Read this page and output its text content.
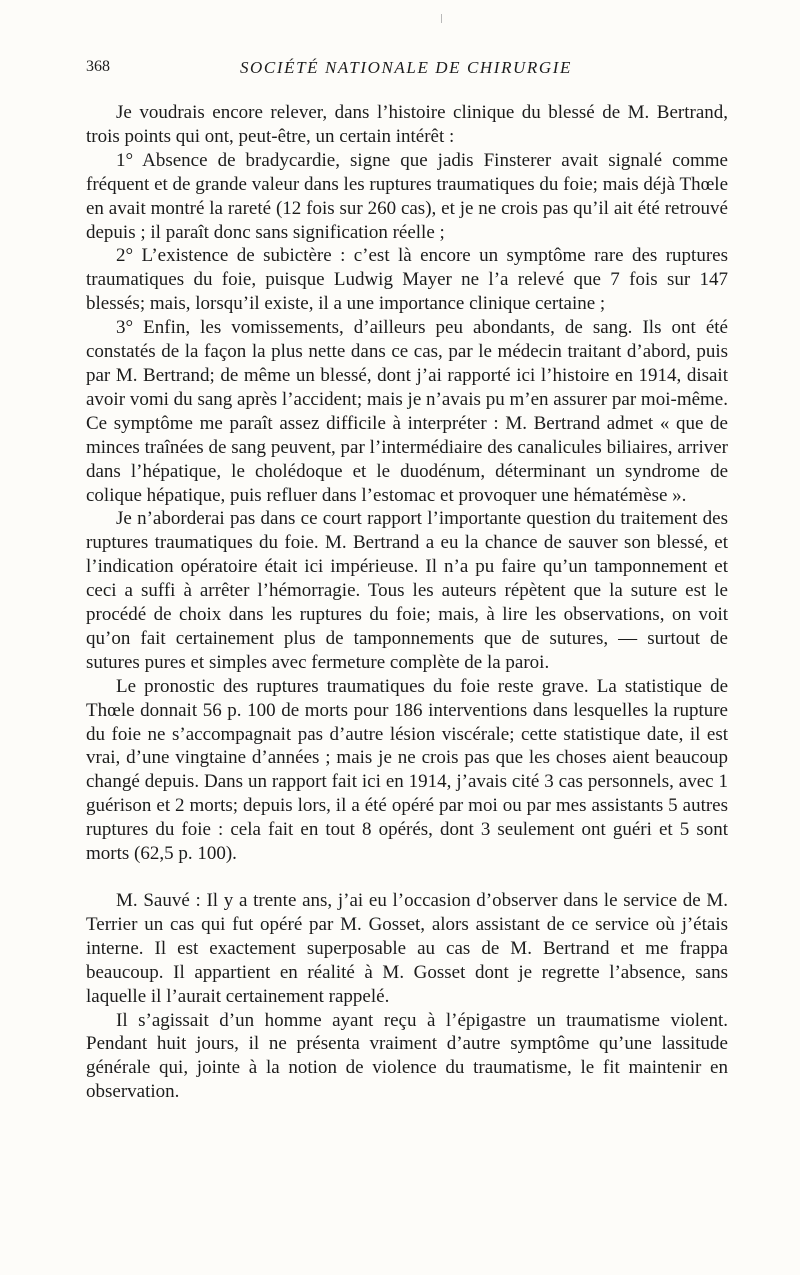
368	SOCIÉTÉ NATIONALE DE CHIRURGIE

Je voudrais encore relever, dans l’histoire clinique du blessé de M. Bertrand, trois points qui ont, peut-être, un certain intérêt :

1° Absence de bradycardie, signe que jadis Finsterer avait signalé comme fréquent et de grande valeur dans les ruptures traumatiques du foie; mais déjà Thœle en avait montré la rareté (12 fois sur 260 cas), et je ne crois pas qu’il ait été retrouvé depuis ; il paraît donc sans signification réelle ;

2° L’existence de subictère : c’est là encore un symptôme rare des ruptures traumatiques du foie, puisque Ludwig Mayer ne l’a relevé que 7 fois sur 147 blessés; mais, lorsqu’il existe, il a une importance clinique certaine ;

3° Enfin, les vomissements, d’ailleurs peu abondants, de sang. Ils ont été constatés de la façon la plus nette dans ce cas, par le médecin traitant d’abord, puis par M. Bertrand; de même un blessé, dont j’ai rapporté ici l’histoire en 1914, disait avoir vomi du sang après l’accident; mais je n’avais pu m’en assurer par moi-même. Ce symptôme me paraît assez difficile à interpréter : M. Bertrand admet « que de minces traînées de sang peuvent, par l’intermédiaire des canalicules biliaires, arriver dans l’hépatique, le cholédoque et le duodénum, déterminant un syndrome de colique hépatique, puis refluer dans l’estomac et provoquer une hématémèse ».

Je n’aborderai pas dans ce court rapport l’importante question du traitement des ruptures traumatiques du foie. M. Bertrand a eu la chance de sauver son blessé, et l’indication opératoire était ici impérieuse. Il n’a pu faire qu’un tamponnement et ceci a suffi à arrêter l’hémorragie. Tous les auteurs répètent que la suture est le procédé de choix dans les ruptures du foie; mais, à lire les observations, on voit qu’on fait certainement plus de tamponnements que de sutures, — surtout de sutures pures et simples avec fermeture complète de la paroi.

Le pronostic des ruptures traumatiques du foie reste grave. La statistique de Thœle donnait 56 p. 100 de morts pour 186 interventions dans lesquelles la rupture du foie ne s’accompagnait pas d’autre lésion viscérale; cette statistique date, il est vrai, d’une vingtaine d’années ; mais je ne crois pas que les choses aient beaucoup changé depuis. Dans un rapport fait ici en 1914, j’avais cité 3 cas personnels, avec 1 guérison et 2 morts; depuis lors, il a été opéré par moi ou par mes assistants 5 autres ruptures du foie : cela fait en tout 8 opérés, dont 3 seulement ont guéri et 5 sont morts (62,5 p. 100).

M. Sauvé : Il y a trente ans, j’ai eu l’occasion d’observer dans le service de M. Terrier un cas qui fut opéré par M. Gosset, alors assistant de ce service où j’étais interne. Il est exactement superposable au cas de M. Bertrand et me frappa beaucoup. Il appartient en réalité à M. Gosset dont je regrette l’absence, sans laquelle il l’aurait certainement rappelé.

Il s’agissait d’un homme ayant reçu à l’épigastre un traumatisme violent. Pendant huit jours, il ne présenta vraiment d’autre symptôme qu’une lassitude générale qui, jointe à la notion de violence du traumatisme, le fit maintenir en observation.
